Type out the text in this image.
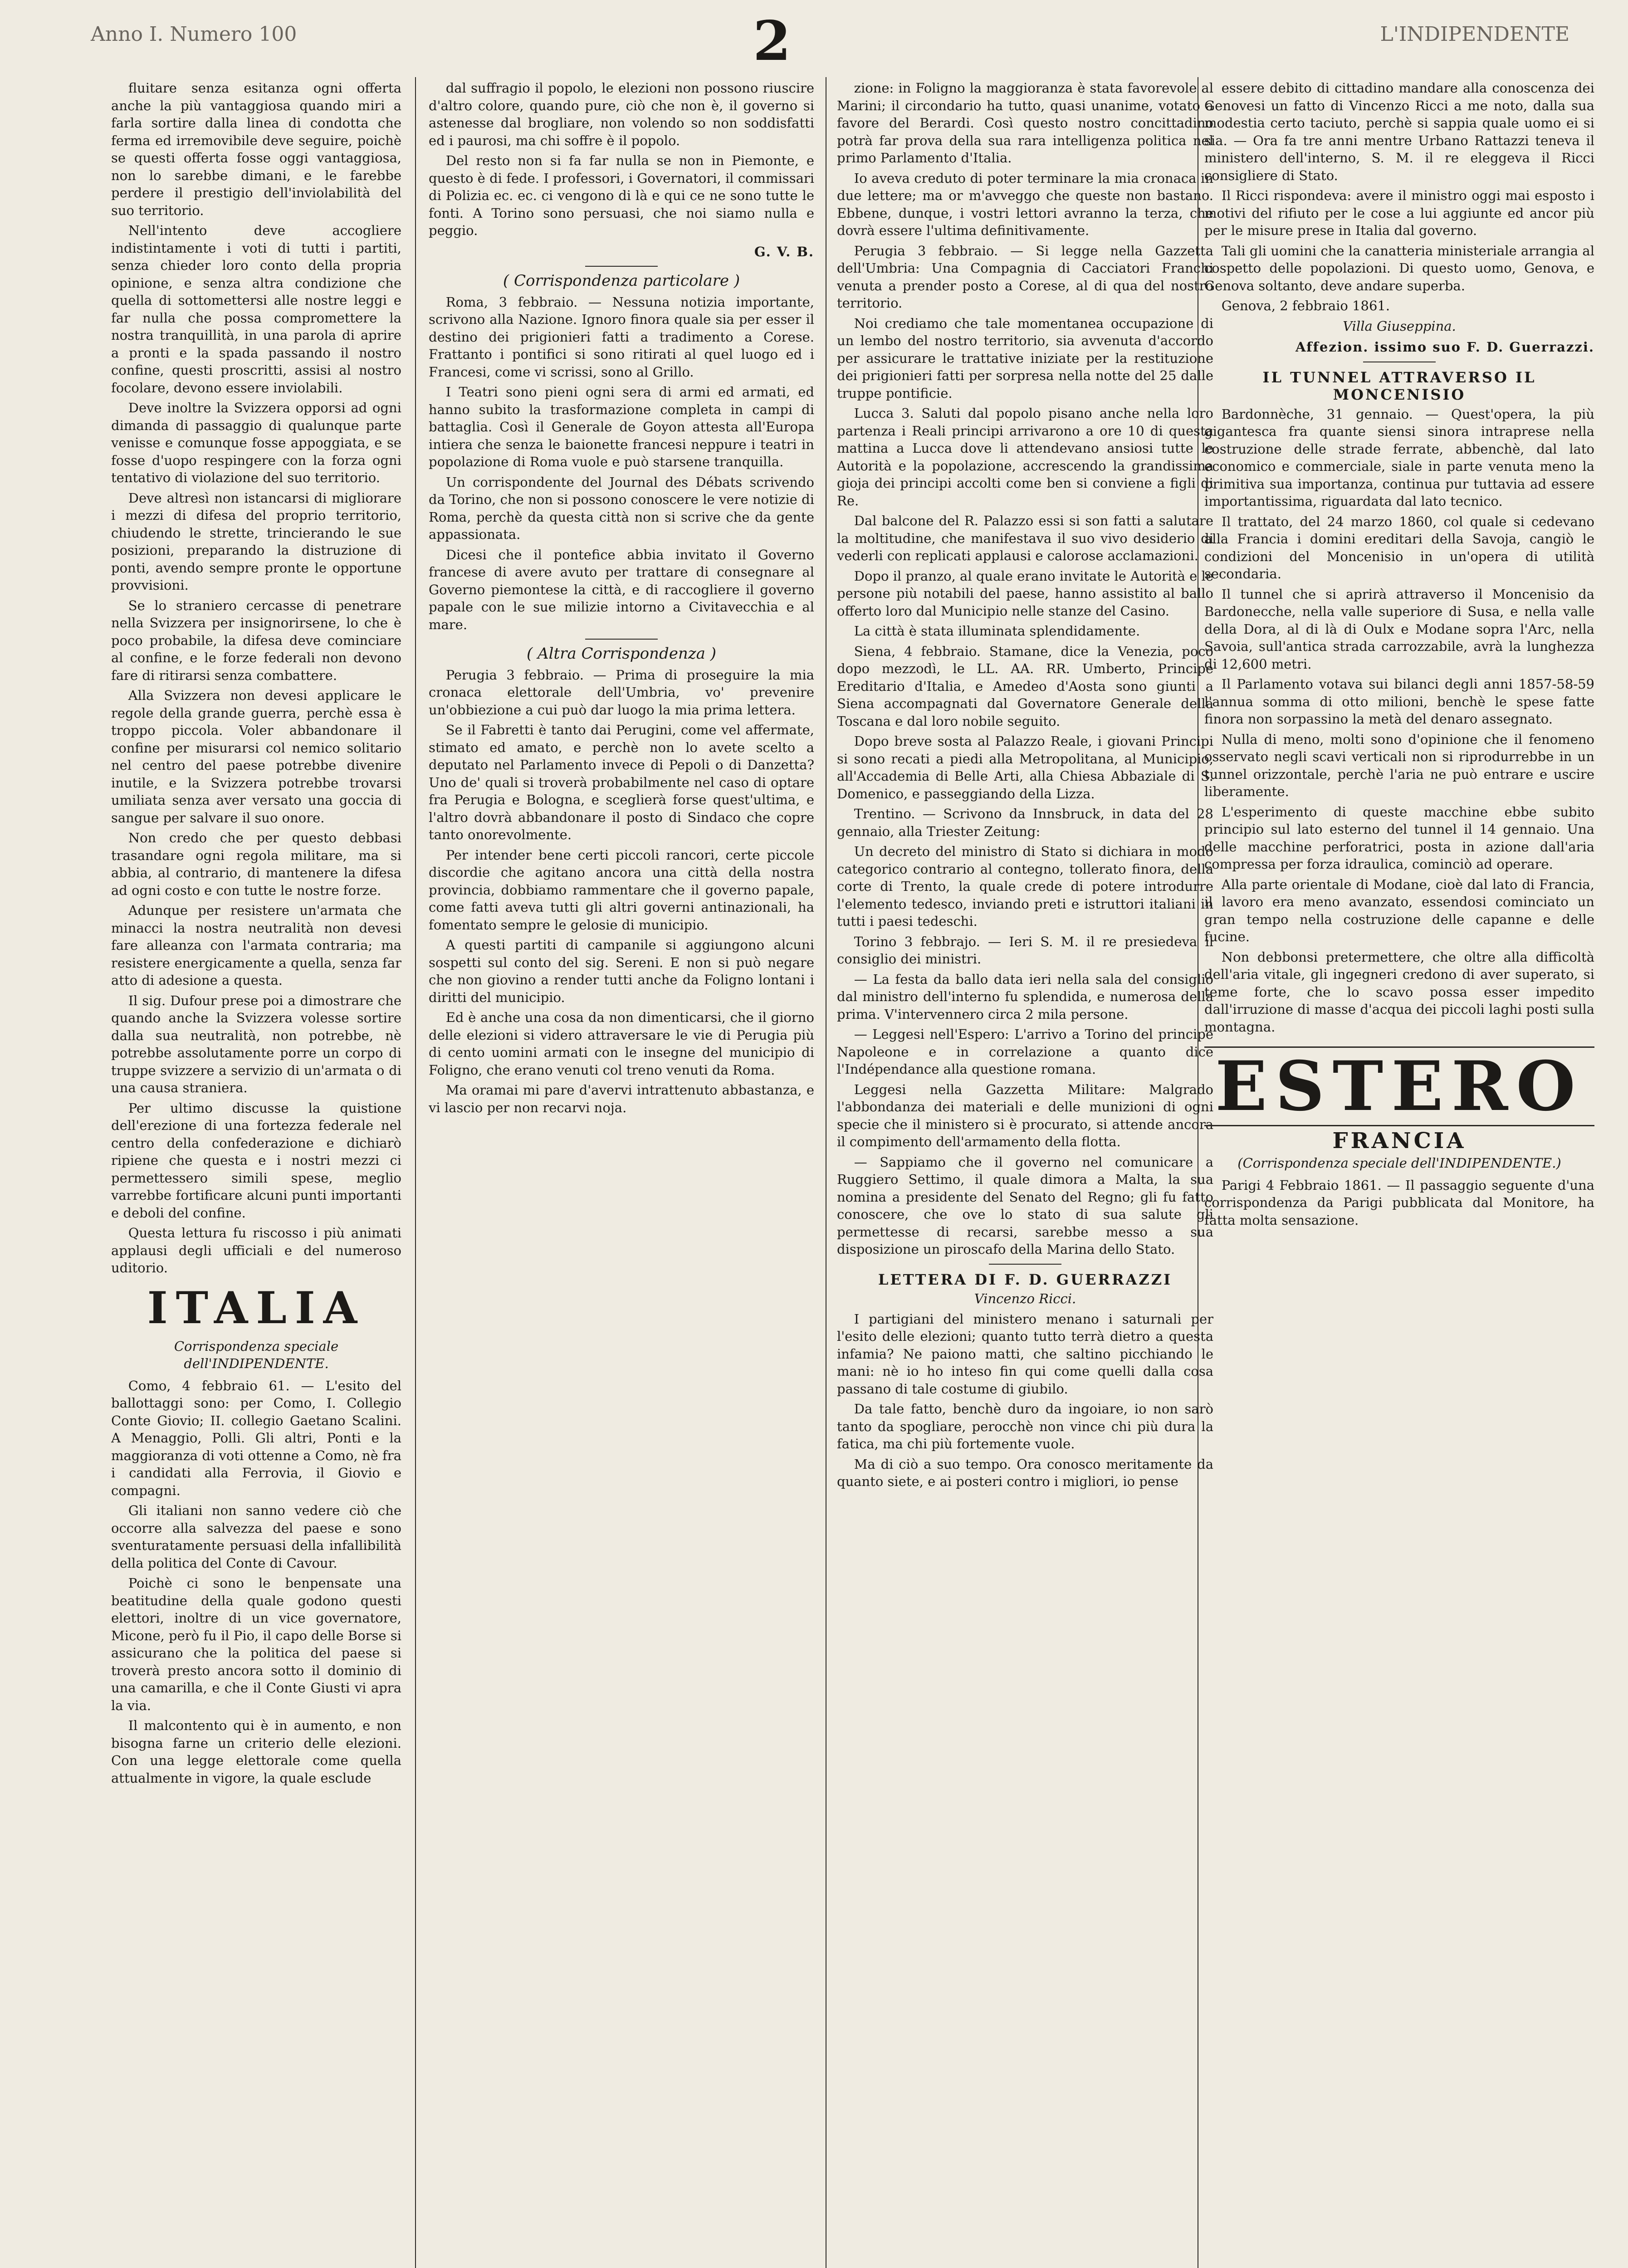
Anno I. Numero 100	2	L'INDIPENDENTE

fluitare senza esitanza ogni offerta anche la più vantaggiosa quando miri a farla sortire dalla linea di condotta che ferma ed irremovibile deve seguire, poichè se questi offerta fosse oggi vantaggiosa, non lo sarebbe dimani, e le farebbe perdere il prestigio dell'inviolabilità del suo territorio.

Nell'intento deve accogliere indistintamente i voti di tutti i partiti, senza chieder loro conto della propria opinione, e senza altra condizione che quella di sottomettersi alle nostre leggi e far nulla che possa compromettere la nostra tranquillità, in una parola di aprire a pronti e la spada passando il nostro confine, questi proscritti, assisi al nostro focolare, devono essere inviolabili.

Deve inoltre la Svizzera opporsi ad ogni dimanda di passaggio di qualunque parte venisse e comunque fosse appoggiata, e se fosse d'uopo respingere con la forza ogni tentativo di violazione del suo territorio.

Deve altresì non istancarsi di migliorare i mezzi di difesa del proprio territorio, chiudendo le strette, trincierando le sue posizioni, preparando la distruzione di ponti, avendo sempre pronte le opportune provvisioni.

Se lo straniero cercasse di penetrare nella Svizzera per insignorirsene, lo che è poco probabile, la difesa deve cominciare al confine, e le forze federali non devono fare di ritirarsi senza combattere.

Alla Svizzera non devesi applicare le regole della grande guerra, perchè essa è troppo piccola. Voler abbandonare il confine per misurarsi col nemico solitario nel centro del paese potrebbe divenire inutile, e la Svizzera potrebbe trovarsi umiliata senza aver versato una goccia di sangue per salvare il suo onore.

Non credo che per questo debbasi trasandare ogni regola militare, ma si abbia, al contrario, di mantenere la difesa ad ogni costo e con tutte le nostre forze.

Adunque per resistere un'armata che minacci la nostra neutralità non devesi fare alleanza con l'armata contraria; ma resistere energicamente a quella, senza far atto di adesione a questa.

Il sig. Dufour prese poi a dimostrare che quando anche la Svizzera volesse sortire dalla sua neutralità, non potrebbe, nè potrebbe assolutamente porre un corpo di truppe svizzere a servizio di un'armata o di una causa straniera.

Per ultimo discusse la quistione dell'erezione di una fortezza federale nel centro della confederazione e dichiarò ripiene che questa e i nostri mezzi ci permettessero simili spese, meglio varrebbe fortificare alcuni punti importanti e deboli del confine.

Questa lettura fu riscosso i più animati applausi degli ufficiali e del numeroso uditorio.

ITALIA
Corrispondenza speciale dell'INDIPENDENTE.

Como, 4 febbraio 61. — L'esito del ballottaggi sono: per Como, I. Collegio Conte Giovio; II. collegio Gaetano Scalini. A Menaggio, Polli. Gli altri, Ponti e la maggioranza di voti ottenne a Como, nè fra i candidati alla Ferrovia, il Giovio e compagni.

Gli italiani non sanno vedere ciò che occorre alla salvezza del paese e sono sventuratamente persuasi della infallibilità della politica del Conte di Cavour.

Poichè ci sono le benpensate una beatitudine della quale godono questi elettori, inoltre di un vice governatore, Micone, però fu il Pio, il capo delle Borse si assicurano che la politica del paese si troverà presto ancora sotto il dominio di una camarilla, e che il Conte Giusti vi apra la via.

Il malcontento qui è in aumento, e non bisogna farne un criterio delle elezioni. Con una legge elettorale come quella attualmente in vigore, la quale esclude

dal suffragio il popolo, le elezioni non possono riuscire d'altro colore, quando pure, ciò che non è, il governo si astenesse dal brogliare, non volendo so non soddisfatti ed i paurosi, ma chi soffre è il popolo.

Del resto non si fa far nulla se non in Piemonte, e questo è di fede. I professori, i Governatori, il commissari di Polizia ec. ec. ci vengono di là e qui ce ne sono tutte le fonti. A Torino sono persuasi, che noi siamo nulla e peggio.

G. V. B.

( Corrispondenza particolare )

Roma, 3 febbraio. — Nessuna notizia importante, scrivono alla Nazione. Ignoro finora quale sia per esser il destino dei prigionieri fatti a tradimento a Corese. Frattanto i pontifici si sono ritirati al quel luogo ed i Francesi, come vi scrissi, sono al Grillo.

I Teatri sono pieni ogni sera di armi ed armati, ed hanno subito la trasformazione completa in campi di battaglia. Così il Generale de Goyon attesta all'Europa intiera che senza le baionette francesi neppure i teatri in popolazione di Roma vuole e può starsene tranquilla.

Un corrispondente del Journal des Débats scrivendo da Torino, che non si possono conoscere le vere notizie di Roma, perchè da questa città non si scrive che da gente appassionata.

Dicesi che il pontefice abbia invitato il Governo francese di avere avuto per trattare di consegnare al Governo piemontese la città, e di raccogliere il governo papale con le sue milizie intorno a Civitavecchia e al mare.

( Altra Corrispondenza )

Perugia 3 febbraio. — Prima di proseguire la mia cronaca elettorale dell'Umbria, vo' prevenire un'obbiezione a cui può dar luogo la mia prima lettera.

Se il Fabretti è tanto dai Perugini, come vel affermate, stimato ed amato, e perchè non lo avete scelto a deputato nel Parlamento invece di Pepoli o di Danzetta? Uno de' quali si troverà probabilmente nel caso di optare fra Perugia e Bologna, e sceglierà forse quest'ultima, e l'altro dovrà abbandonare il posto di Sindaco che copre tanto onorevolmente.

Per intender bene certi piccoli rancori, certe piccole discordie che agitano ancora una città della nostra provincia, dobbiamo rammentare che il governo papale, come fatti aveva tutti gli altri governi antinazionali, ha fomentato sempre le gelosie di municipio.

A questi partiti di campanile si aggiungono alcuni sospetti sul conto del sig. Sereni. E non si può negare che non giovino a render tutti anche da Foligno lontani i diritti del municipio.

Ed è anche una cosa da non dimenticarsi, che il giorno delle elezioni si videro attraversare le vie di Perugia più di cento uomini armati con le insegne del municipio di Foligno, che erano venuti col treno venuti da Roma.

Ma oramai mi pare d'avervi intrattenuto abbastanza, e vi lascio per non recarvi noja.

zione: in Foligno la maggioranza è stata favorevole al Marini; il circondario ha tutto, quasi unanime, votato a favore del Berardi. Così questo nostro concittadino potrà far prova della sua rara intelligenza politica nel primo Parlamento d'Italia.

Io aveva creduto di poter terminare la mia cronaca in due lettere; ma or m'avveggo che queste non bastano. Ebbene, dunque, i vostri lettori avranno la terza, che dovrà essere l'ultima definitivamente.

Perugia 3 febbraio. — Si legge nella Gazzetta dell'Umbria: Una Compagnia di Cacciatori Franchi venuta a prender posto a Corese, al di qua del nostro territorio.

Noi crediamo che tale momentanea occupazione di un lembo del nostro territorio, sia avvenuta d'accordo per assicurare le trattative iniziate per la restituzione dei prigionieri fatti per sorpresa nella notte del 25 dalle truppe pontificie.

Lucca 3. Saluti dal popolo pisano anche nella loro partenza i Reali principi arrivarono a ore 10 di questa mattina a Lucca dove li attendevano ansiosi tutte le Autorità e la popolazione, accrescendo la grandissima gioja dei principi accolti come ben si conviene a figli di Re.

Dal balcone del R. Palazzo essi si son fatti a salutare la moltitudine, che manifestava il suo vivo desiderio di vederli con replicati applausi e calorose acclamazioni.

Dopo il pranzo, al quale erano invitate le Autorità e le persone più notabili del paese, hanno assistito al ballo offerto loro dal Municipio nelle stanze del Casino.

La città è stata illuminata splendidamente.

Siena, 4 febbraio. Stamane, dice la Venezia, poco dopo mezzodì, le LL. AA. RR. Umberto, Principe Ereditario d'Italia, e Amedeo d'Aosta sono giunti a Siena accompagnati dal Governatore Generale della Toscana e dal loro nobile seguito.

Dopo breve sosta al Palazzo Reale, i giovani Principi si sono recati a piedi alla Metropolitana, al Municipio, all'Accademia di Belle Arti, alla Chiesa Abbaziale di S. Domenico, e passeggiando della Lizza.

Trentino. — Scrivono da Innsbruck, in data del 28 gennaio, alla Triester Zeitung:

Un decreto del ministro di Stato si dichiara in modo categorico contrario al contegno, tollerato finora, della corte di Trento, la quale crede di potere introdurre l'elemento tedesco, inviando preti e istruttori italiani in tutti i paesi tedeschi.

Torino 3 febbrajo. — Ieri S. M. il re presiedeva il consiglio dei ministri.

— La festa da ballo data ieri nella sala del consiglio dal ministro dell'interno fu splendida, e numerosa della prima. V'intervennero circa 2 mila persone.

— Leggesi nell'Espero: L'arrivo a Torino del principe Napoleone e in correlazione a quanto dice l'Indépendance alla questione romana.

Leggesi nella Gazzetta Militare: Malgrado l'abbondanza dei materiali e delle munizioni di ogni specie che il ministero si è procurato, si attende ancora il compimento dell'armamento della flotta.

— Sappiamo che il governo nel comunicare a Ruggiero Settimo, il quale dimora a Malta, la sua nomina a presidente del Senato del Regno; gli fu fatto conoscere, che ove lo stato di sua salute gli permettesse di recarsi, sarebbe messo a sua disposizione un piroscafo della Marina dello Stato.

LETTERA DI F. D. GUERRAZZI
Vincenzo Ricci.

I partigiani del ministero menano i saturnali per l'esito delle elezioni; quanto tutto terrà dietro a questa infamia? Ne paiono matti, che saltino picchiando le mani: nè io ho inteso fin qui come quelli dalla cosa passano di tale costume di giubilo.

Da tale fatto, benchè duro da ingoiare, io non sarò tanto da spogliare, perocchè non vince chi più dura la fatica, ma chi più fortemente vuole.

Ma di ciò a suo tempo. Ora conosco meritamente da quanto siete, e ai posteri contro i migliori, io pense

essere debito di cittadino mandare alla conoscenza dei Genovesi un fatto di Vincenzo Ricci a me noto, dalla sua modestia certo taciuto, perchè si sappia quale uomo ei si sia. — Ora fa tre anni mentre Urbano Rattazzi teneva il ministero dell'interno, S. M. il re eleggeva il Ricci consigliere di Stato.

Il Ricci rispondeva: avere il ministro oggi mai esposto i motivi del rifiuto per le cose a lui aggiunte ed ancor più per le misure prese in Italia dal governo.

Tali gli uomini che la canatteria ministeriale arrangia al cospetto delle popolazioni. Di questo uomo, Genova, e Genova soltanto, deve andare superba.

Genova, 2 febbraio 1861.

Villa Giuseppina.

Affezion. issimo suo F. D. Guerrazzi.

IL TUNNEL ATTRAVERSO IL MONCENISIO

Bardonnèche, 31 gennaio. — Quest'opera, la più gigantesca fra quante siensi sinora intraprese nella costruzione delle strade ferrate, abbenchè, dal lato economico e commerciale, siale in parte venuta meno la primitiva sua importanza, continua pur tuttavia ad essere importantissima, riguardata dal lato tecnico.

Il trattato, del 24 marzo 1860, col quale si cedevano alla Francia i domini ereditari della Savoja, cangiò le condizioni del Moncenisio in un'opera di utilità secondaria.

Il tunnel che si aprirà attraverso il Moncenisio da Bardonecche, nella valle superiore di Susa, e nella valle della Dora, al di là di Oulx e Modane sopra l'Arc, nella Savoia, sull'antica strada carrozzabile, avrà la lunghezza di 12,600 metri.

Il Parlamento votava sui bilanci degli anni 1857-58-59 l'annua somma di otto milioni, benchè le spese fatte finora non sorpassino la metà del denaro assegnato.

Nulla di meno, molti sono d'opinione che il fenomeno osservato negli scavi verticali non si riprodurrebbe in un tunnel orizzontale, perchè l'aria ne può entrare e uscire liberamente.

L'esperimento di queste macchine ebbe subito principio sul lato esterno del tunnel il 14 gennaio. Una delle macchine perforatrici, posta in azione dall'aria compressa per forza idraulica, cominciò ad operare.

Alla parte orientale di Modane, cioè dal lato di Francia, il lavoro era meno avanzato, essendosi cominciato un gran tempo nella costruzione delle capanne e delle fucine.

Non debbonsi pretermettere, che oltre alla difficoltà dell'aria vitale, gli ingegneri credono di aver superato, si teme forte, che lo scavo possa esser impedito dall'irruzione di masse d'acqua dei piccoli laghi posti sulla montagna.

ESTERO
FRANCIA
(Corrispondenza speciale dell'INDIPENDENTE.)

Parigi 4 Febbraio 1861. — Il passaggio seguente d'una corrispondenza da Parigi pubblicata dal Monitore, ha fatta molta sensazione.
